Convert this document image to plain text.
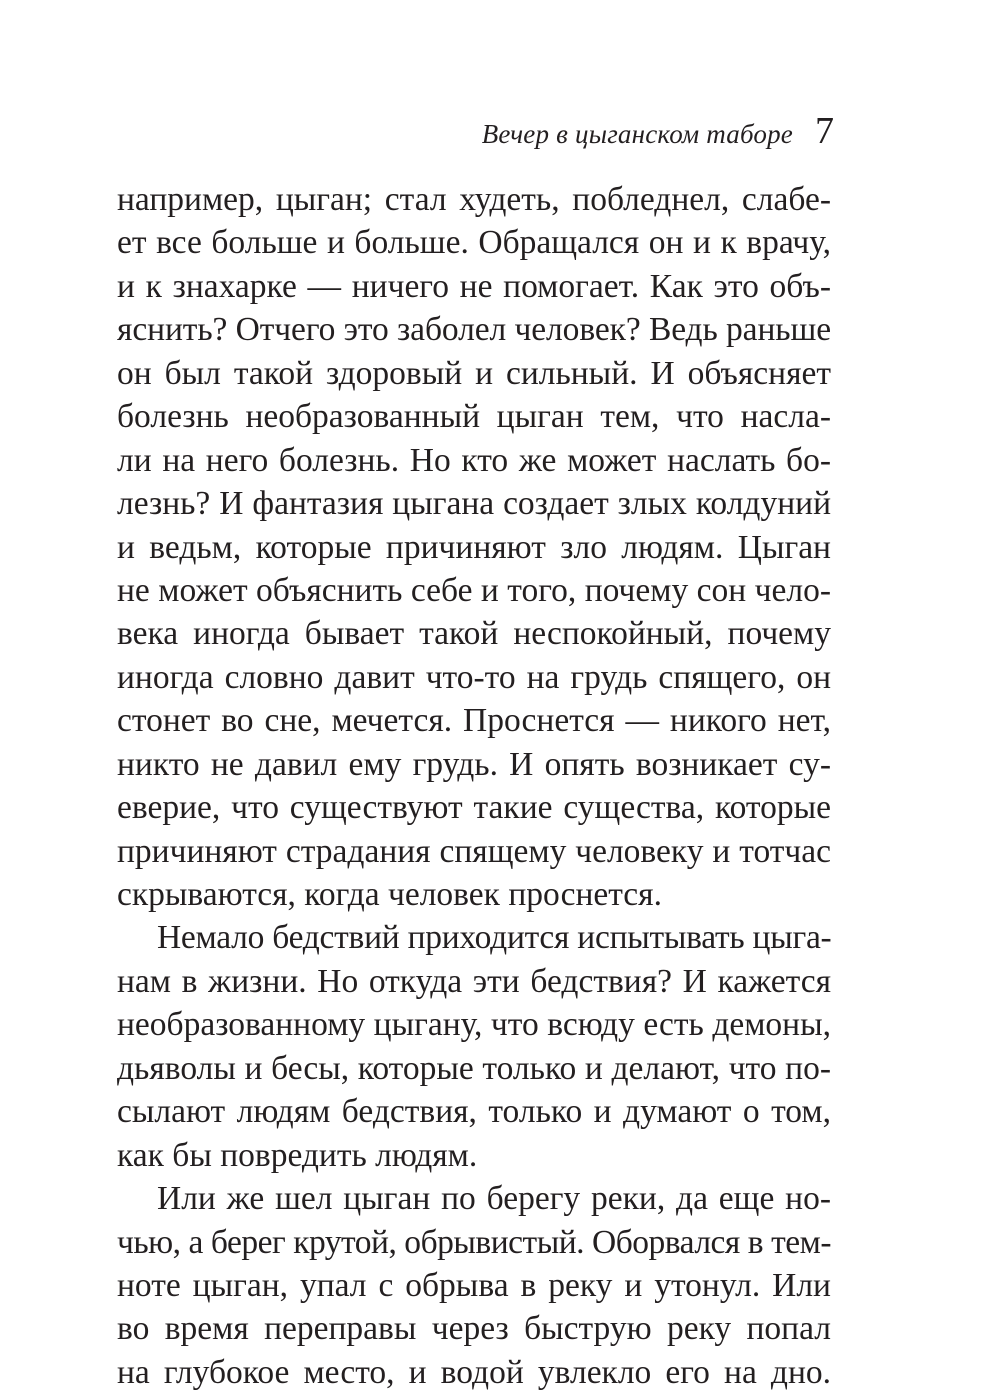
Вечер в цыганском таборе 7
например, цыган; стал худеть, побледнел, слабе-
ет все больше и больше. Обращался он и к врачу,
и к знахарке — ничего не помогает. Как это объ-
яснить? Отчего это заболел человек? Ведь раньше
он был такой здоровый и сильный. И объясняет
болезнь необразованный цыган тем, что насла-
ли на него болезнь. Но кто же может наслать бо-
лезнь? И фантазия цыгана создает злых колдуний
и ведьм, которые причиняют зло людям. Цыган
не может объяснить себе и того, почему сон чело-
века иногда бывает такой неспокойный, почему
иногда словно давит что-то на грудь спящего, он
стонет во сне, мечется. Проснется — никого нет,
никто не давил ему грудь. И опять возникает су-
еверие, что существуют такие существа, которые
причиняют страдания спящему человеку и тотчас
скрываются, когда человек проснется.
Немало бедствий приходится испытывать цыга-
нам в жизни. Но откуда эти бедствия? И кажется
необразованному цыгану, что всюду есть демоны,
дьяволы и бесы, которые только и делают, что по-
сылают людям бедствия, только и думают о том,
как бы повредить людям.
Или же шел цыган по берегу реки, да еще но-
чью, а берег крутой, обрывистый. Оборвался в тем-
ноте цыган, упал с обрыва в реку и утонул. Или
во время переправы через быструю реку попал
на глубокое место, и водой увлекло его на дно.
